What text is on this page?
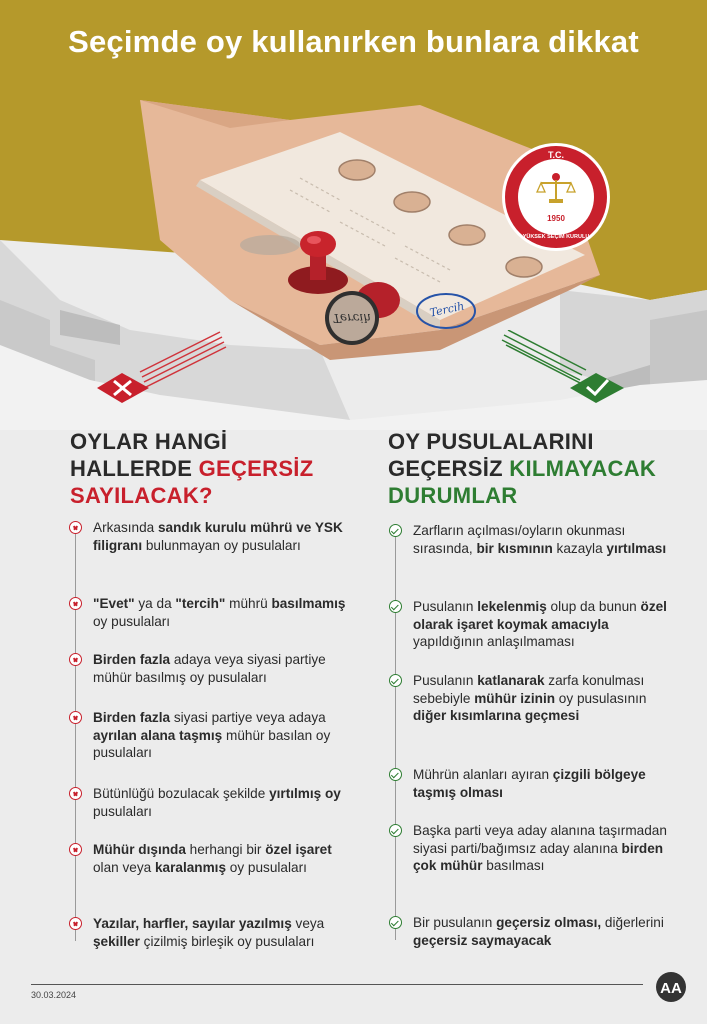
Tercih	Tercih
T.C.
1950
YÜKSEK SEÇİM KURULU
Seçimde oy kullanırken bunlara dikkat
OYLAR HANGİ
HALLERDE GEÇERSİZ
SAYILACAK?
OY PUSULALARINI
GEÇERSİZ KILMAYACAK
DURUMLAR
Arkasında sandık kurulu mührü ve YSK filigranı bulunmayan oy pusulaları
"Evet" ya da "tercih" mührü basılmamış oy pusulaları
Birden fazla adaya veya siyasi partiye mühür basılmış oy pusulaları
Birden fazla siyasi partiye veya adaya ayrılan alana taşmış mühür basılan oy pusulaları
Bütünlüğü bozulacak şekilde yırtılmış oy pusulaları
Mühür dışında herhangi bir özel işaret olan veya karalanmış oy pusulaları
Yazılar, harfler, sayılar yazılmış veya şekiller çizilmiş birleşik oy pusulaları
Zarfların açılması/oyların okunması sırasında, bir kısmının kazayla yırtılması
Pusulanın lekelenmiş olup da bunun özel olarak işaret koymak amacıyla yapıldığının anlaşılmaması
Pusulanın katlanarak zarfa konulması sebebiyle mühür izinin oy pusulasının diğer kısımlarına geçmesi
Mührün alanları ayıran çizgili bölgeye taşmış olması
Başka parti veya aday alanına taşırmadan siyasi parti/bağımsız aday alanına birden çok mühür basılması
Bir pusulanın geçersiz olması, diğerlerini geçersiz saymayacak
30.03.2024	AA
